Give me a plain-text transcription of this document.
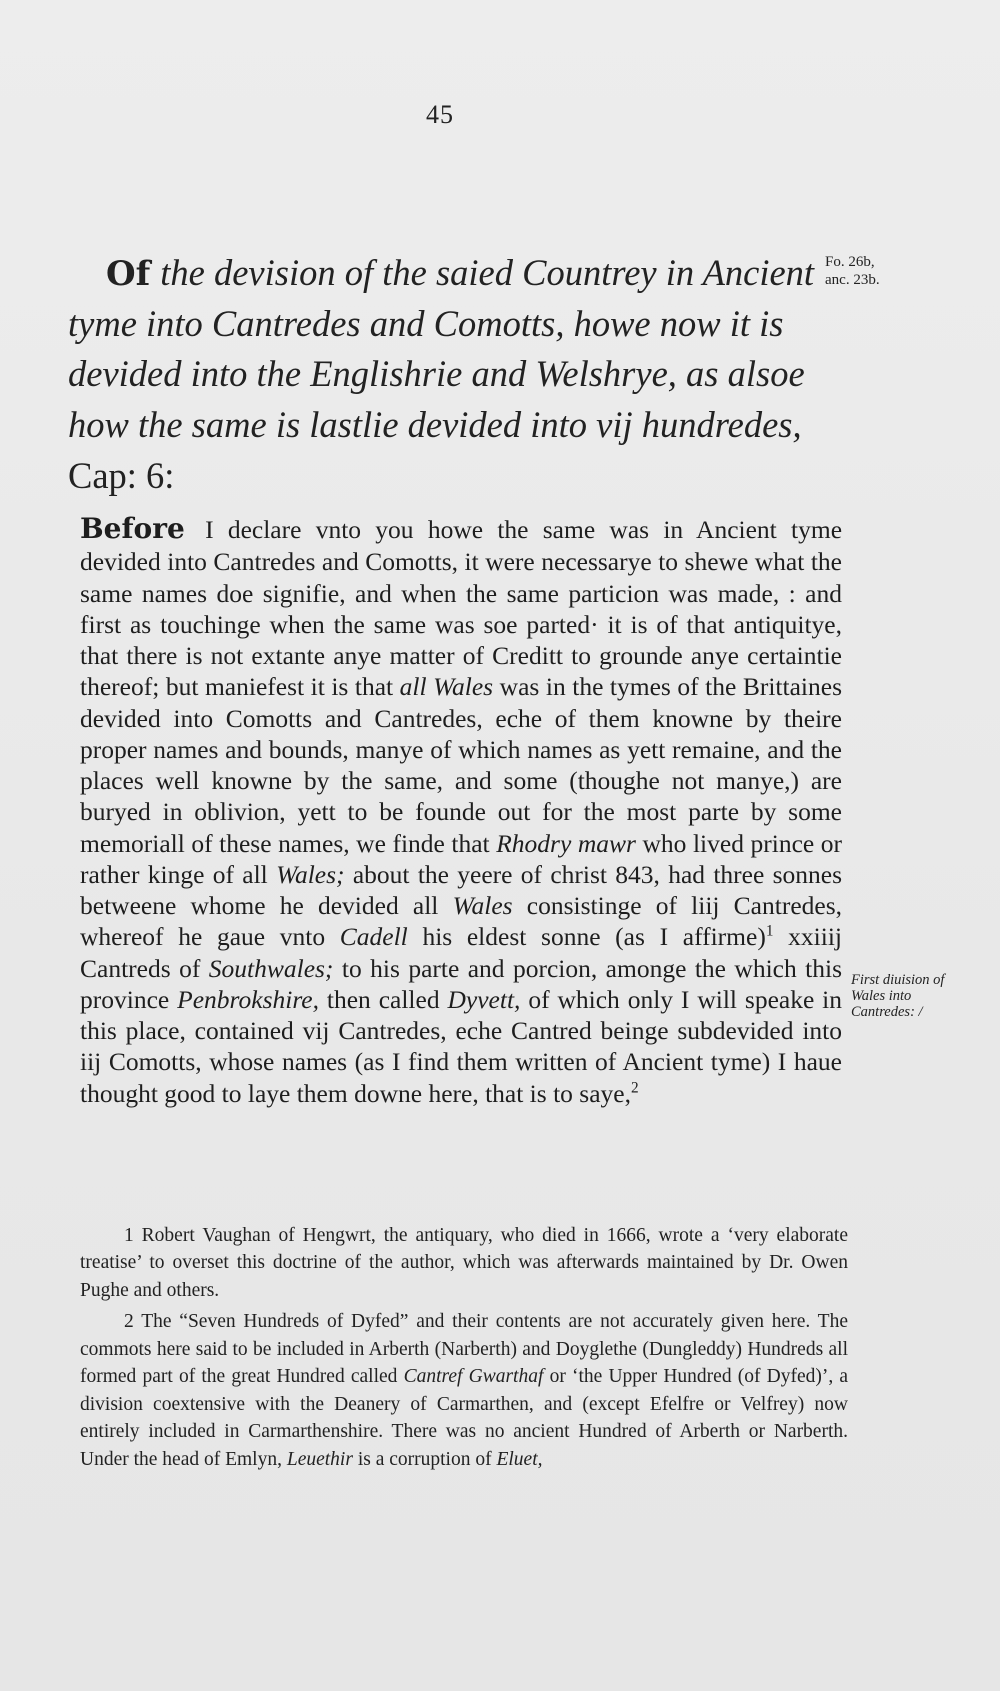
45
Fo. 26b,
anc. 23b.
Of the devision of the saied Countrey in Ancient tyme into Cantredes and Comotts, howe now it is devided into the Englishrie and Welshrye, as alsoe how the same is lastlie devided into vij hundredes, Cap: 6:
Before I declare vnto you howe the same was in Ancient tyme devided into Cantredes and Comotts, it were necessarye to shewe what the same names doe signifie, and when the same particion was made, : and first as touchinge when the same was soe parted· it is of that antiquitye, that there is not extante anye matter of Creditt to grounde anye certaintie thereof; but maniefest it is that all Wales was in the tymes of the Brittaines devided into Comotts and Cantredes, eche of them knowne by theire proper names and bounds, manye of which names as yett remaine, and the places well knowne by the same, and some (thoughe not manye,) are buryed in oblivion, yett to be founde out for the most parte by some memoriall of these names, we finde that Rhodry mawr who lived prince or rather kinge of all Wales; about the yeere of christ 843, had three sonnes betweene whome he devided all Wales consistinge of liij Cantredes, whereof he gaue vnto Cadell his eldest sonne (as I affirme)$^1$ xxiiij Cantreds of Southwales; to his parte and porcion, amonge the which this province Penbrokshire, then called Dyvett, of which only I will speake in this place, contained vij Cantredes, eche Cantred beinge subdevided into iij Comotts, whose names (as I find them written of Ancient tyme) I haue thought good to laye them downe here, that is to saye,$^2$
First diuision of Wales into Cantredes: /

1 Robert Vaughan of Hengwrt, the antiquary, who died in 1666, wrote a ‘very elaborate treatise’ to overset this doctrine of the author, which was afterwards maintained by Dr. Owen Pughe and others.

2 The “Seven Hundreds of Dyfed” and their contents are not accurately given here. The commots here said to be included in Arberth (Narberth) and Doyglethe (Dungleddy) Hundreds all formed part of the great Hundred called Cantref Gwarthaf or ‘the Upper Hundred (of Dyfed)’, a division coextensive with the Deanery of Carmarthen, and (except Efelfre or Velfrey) now entirely included in Carmarthenshire. There was no ancient Hundred of Arberth or Narberth. Under the head of Emlyn, Leuethir is a corruption of Eluet,
